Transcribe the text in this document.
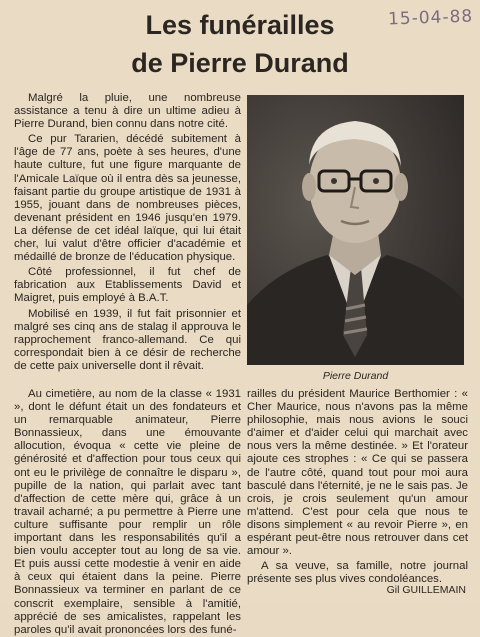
Les funérailles
de Pierre Durand
15-04-88

Malgré la pluie, une nombreuse assistance a tenu à dire un ultime adieu à Pierre Durand, bien connu dans notre cité.

Ce pur Tararien, décédé subitement à l'âge de 77 ans, poète à ses heures, d'une haute culture, fut une figure marquante de l'Amicale Laïque où il entra dès sa jeunesse, faisant partie du groupe artistique de 1931 à 1955, jouant dans de nombreuses pièces, devenant président en 1946 jusqu'en 1979. La défense de cet idéal laïque, qui lui était cher, lui valut d'être officier d'académie et médaillé de bronze de l'éducation physique.

Côté professionnel, il fut chef de fabrication aux Etablissements David et Maigret, puis employé à B.A.T.

Mobilisé en 1939, il fut fait prisonnier et malgré ses cinq ans de stalag il approuva le rapprochement franco-allemand. Ce qui correspondait bien à ce désir de recherche de cette paix universelle dont il rêvait.

Pierre Durand

Au cimetière, au nom de la classe « 1931 », dont le défunt était un des fondateurs et un remarquable animateur, Pierre Bonnassieux, dans une émouvante allocution, évoqua « cette vie pleine de générosité et d'affection pour tous ceux qui ont eu le privilège de connaître le disparu », pupille de la nation, qui parlait avec tant d'affection de cette mère qui, grâce à un travail acharné; a pu permettre à Pierre une culture suffisante pour remplir un rôle important dans les responsabilités qu'il a bien voulu accepter tout au long de sa vie. Et puis aussi cette modestie à venir en aide à ceux qui étaient dans la peine. Pierre Bonnassieux va terminer en parlant de ce conscrit exemplaire, sensible à l'amitié, apprécié de ses amicalistes, rappelant les paroles qu'il avait prononcées lors des funé-

railles du président Maurice Berthomier : « Cher Maurice, nous n'avons pas la même philosophie, mais nous avions le souci d'aimer et d'aider celui qui marchait avec nous vers la même destinée. » Et l'orateur ajoute ces strophes : « Ce qui se passera de l'autre côté, quand tout pour moi aura basculé dans l'éternité, je ne le sais pas. Je crois, je crois seulement qu'un amour m'attend. C'est pour cela que nous te disons simplement « au revoir Pierre », en espérant peut-être nous retrouver dans cet amour ».

A sa veuve, sa famille, notre journal présente ses plus vives condoléances.

Gil GUILLEMAIN
